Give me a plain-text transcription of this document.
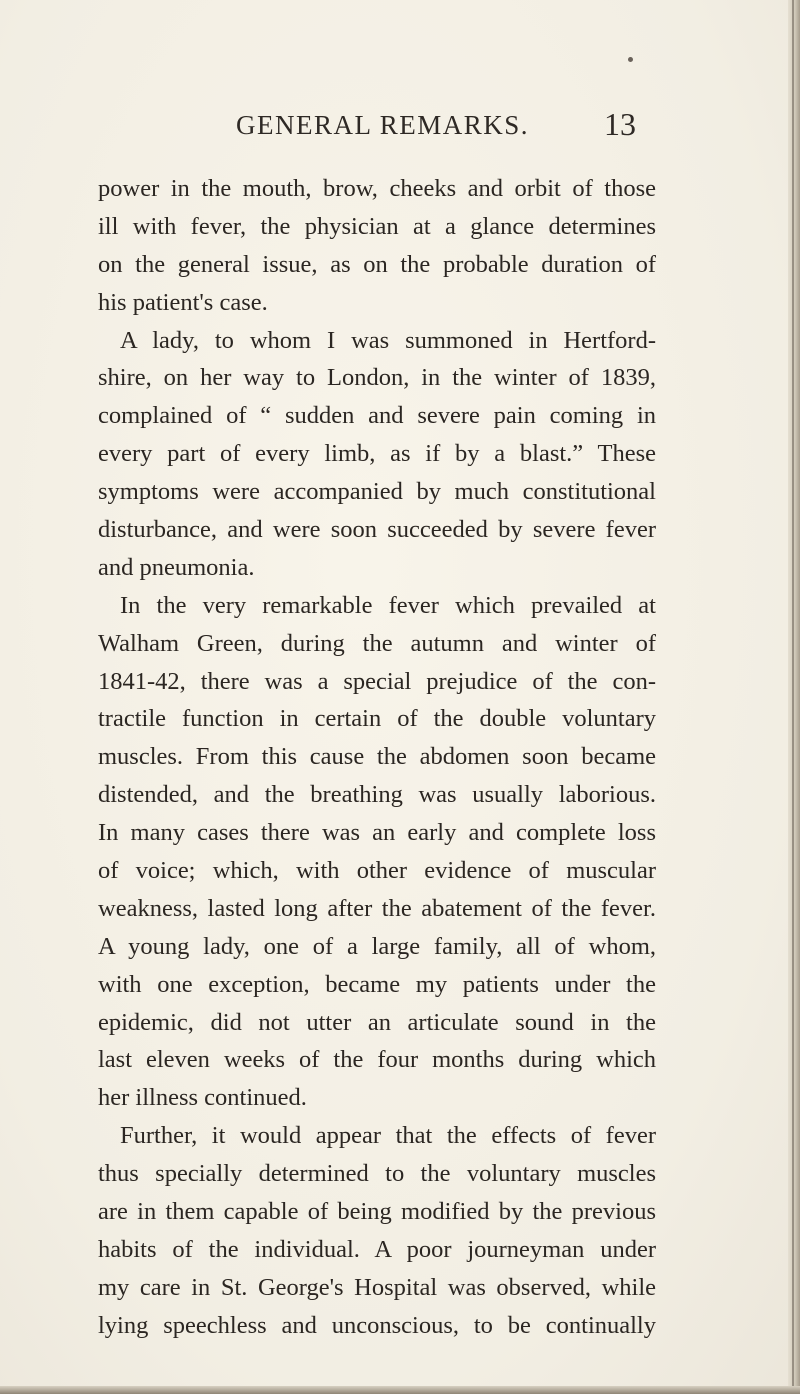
GENERAL REMARKS. 13
power in the mouth, brow, cheeks and orbit of those
ill with fever, the physician at a glance determines
on the general issue, as on the probable duration of
his patient's case.
A lady, to whom I was summoned in Hertford-
shire, on her way to London, in the winter of 1839,
complained of “ sudden and severe pain coming in
every part of every limb, as if by a blast.” These
symptoms were accompanied by much constitutional
disturbance, and were soon succeeded by severe fever
and pneumonia.
In the very remarkable fever which prevailed at
Walham Green, during the autumn and winter of
1841-42, there was a special prejudice of the con-
tractile function in certain of the double voluntary
muscles. From this cause the abdomen soon became
distended, and the breathing was usually laborious.
In many cases there was an early and complete loss
of voice; which, with other evidence of muscular
weakness, lasted long after the abatement of the fever.
A young lady, one of a large family, all of whom,
with one exception, became my patients under the
epidemic, did not utter an articulate sound in the
last eleven weeks of the four months during which
her illness continued.
Further, it would appear that the effects of fever
thus specially determined to the voluntary muscles
are in them capable of being modified by the previous
habits of the individual. A poor journeyman under
my care in St. George's Hospital was observed, while
lying speechless and unconscious, to be continually
